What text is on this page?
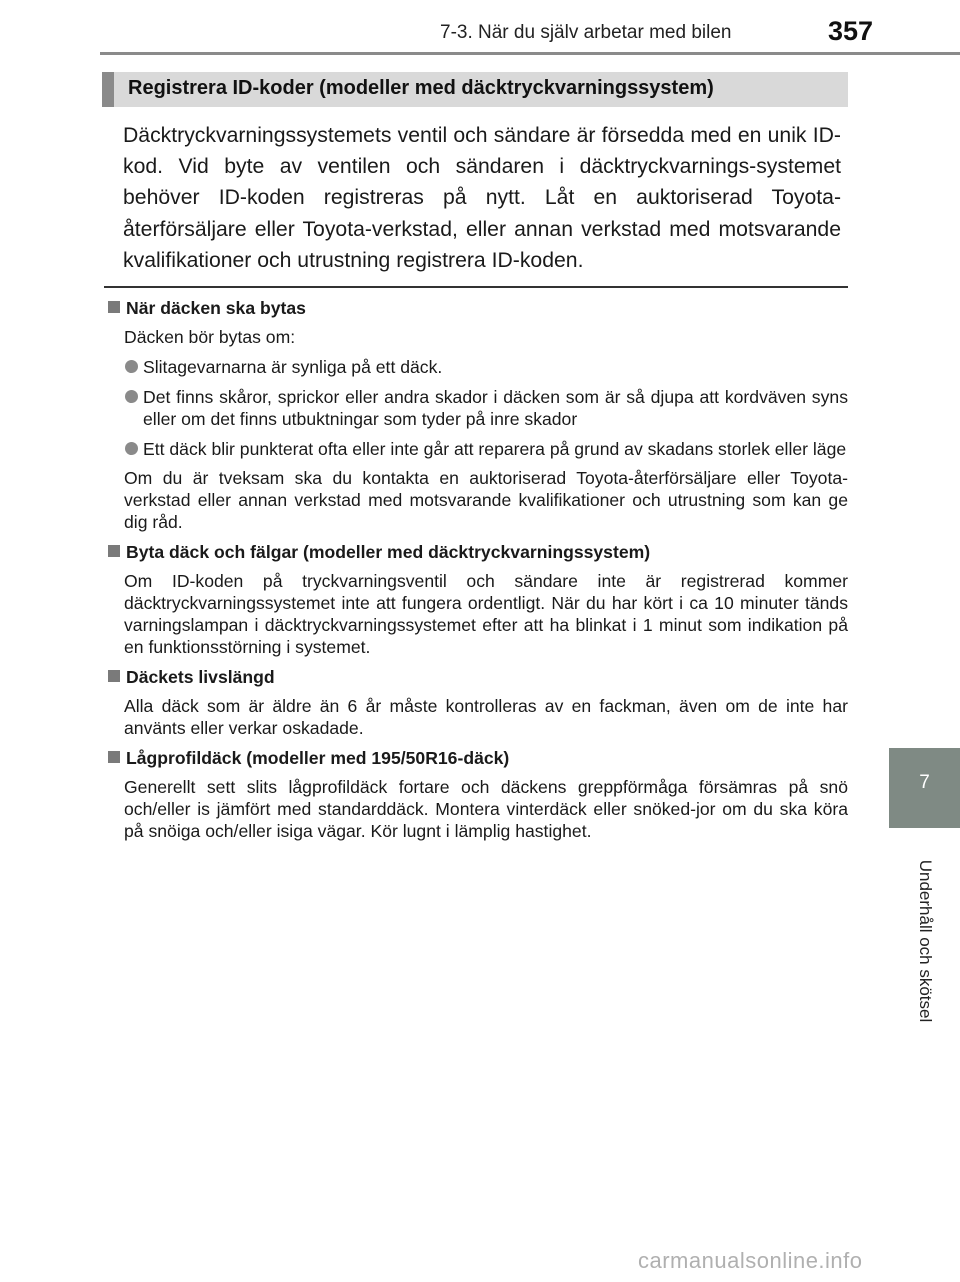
7-3. När du själv arbetar med bilen	357
7
Underhåll och skötsel
Registrera ID-koder (modeller med däcktryckvarningssystem)

Däcktryckvarningssystemets ventil och sändare är försedda med en unik ID-kod. Vid byte av ventilen och sändaren i däcktryckvarnings-systemet behöver ID-koden registreras på nytt. Låt en auktoriserad Toyota-återförsäljare eller Toyota-verkstad, eller annan verkstad med motsvarande kvalifikationer och utrustning registrera ID-koden.

När däcken ska bytas
Däcken bör bytas om:
Slitagevarnarna är synliga på ett däck.
Det finns skåror, sprickor eller andra skador i däcken som är så djupa att kordväven syns eller om det finns utbuktningar som tyder på inre skador
Ett däck blir punkterat ofta eller inte går att reparera på grund av skadans storlek eller läge
Om du är tveksam ska du kontakta en auktoriserad Toyota-återförsäljare eller Toyota-verkstad eller annan verkstad med motsvarande kvalifikationer och utrustning som kan ge dig råd.
Byta däck och fälgar (modeller med däcktryckvarningssystem)
Om ID-koden på tryckvarningsventil och sändare inte är registrerad kommer däcktryckvarningssystemet inte att fungera ordentligt. När du har kört i ca 10 minuter tänds varningslampan i däcktryckvarningssystemet efter att ha blinkat i 1 minut som indikation på en funktionsstörning i systemet.
Däckets livslängd
Alla däck som är äldre än 6 år måste kontrolleras av en fackman, även om de inte har använts eller verkar oskadade.
Lågprofildäck (modeller med 195/50R16-däck)
Generellt sett slits lågprofildäck fortare och däckens greppförmåga försämras på snö och/eller is jämfört med standarddäck. Montera vinterdäck eller snöked-jor om du ska köra på snöiga och/eller isiga vägar. Kör lugnt i lämplig hastighet.
carmanualsonline.info
